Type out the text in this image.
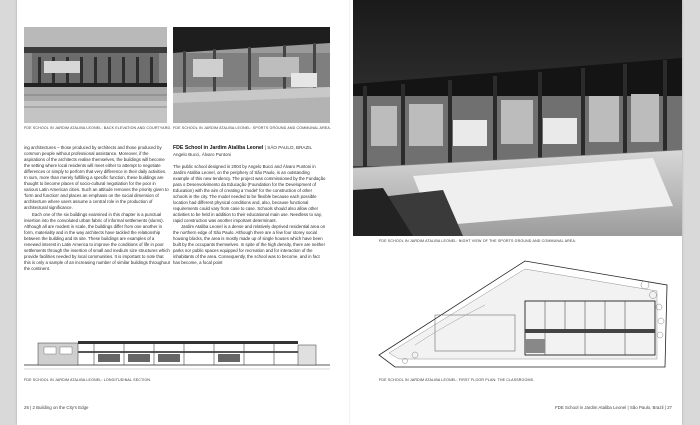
FDE SCHOOL IN JARDIM ATALIBA LEONEL: BACK ELEVATION AND COURTYARD. FDE SCHOOL IN JARDIM ATALIBA LEONEL: SPORTS GROUND AND COMMUNAL AREA.

ing architectures – those produced by architects and those produced by common people without professional assistance. Moreover, if the aspirations of the architects realise themselves, the buildings will become the setting where local residents will meet either to attempt to negotiate differences or simply to perform that very difference in their daily activities. In sum, more than merely fulfilling a specific function, these buildings are thought to become places of socio-cultural negotiation for the poor in various Latin American cities. Such an attitude removes the priority given to 'form and function' and places an emphasis on the social dimension of architecture where users assume a central role in the production of architectural significance.

Each one of the six buildings examined in this chapter is a punctual insertion into the convoluted urban fabric of informal settlements (slums). Although all are modest in scale, the buildings differ from one another in form, materiality and in the way architects have tackled the relationship between the building and its site. These buildings are examples of a renewed interest in Latin America to improve the conditions of life in poor settlements through the insertion of small and medium size structures which provide facilities needed by local communities. It is important to note that this is only a sample of an increasing number of similar buildings throughout the continent.

FDE School in Jardim Ataliba Leonel | SÃO PAULO, BRAZIL
Angelo Bucci, Álvaro Puntoni

The public school designed in 2004 by Angelo Bucci and Álvaro Puntoni in Jardim Ataliba Leonel, on the periphery of São Paulo, is an outstanding example of this new tendency. The project was commissioned by the Fundação para o Desenvolvimento da Educação (Foundation for the Development of Education) with the aim of creating a 'model' for the construction of other schools in the city. The model needed to be flexible because each possible location had different physical conditions and, also, because functional requirements could vary from case to case. Schools should also allow other activities to be held in addition to their educational main use. Needless to say, rapid construction was another important determinant.

Jardim Ataliba Leonel is a dense and relatively deprived residential area on the northern edge of São Paulo. Although there are a few four storey social housing blocks, the area is mostly made up of single houses which have been built by the occupants themselves. In spite of the high density, there are neither parks nor public spaces equipped for recreation and for interaction of the inhabitants of the area. Consequently, the school was to become, and in fact has become, a focal point

FDE SCHOOL IN JARDIM ATALIBA LEONEL: LONGITUDINAL SECTION.
FDE SCHOOL IN JARDIM ATALIBA LEONEL: NIGHT VIEW OF THE SPORTS GROUND AND COMMUNAL AREA.
FDE SCHOOL IN JARDIM ATALIBA LEONEL: FIRST FLOOR PLAN: THE CLASSROOMS.
26 | 2 Building on the City's Edge	FDE School in Jardim Ataliba Leonel | São Paulo, Brazil | 27
